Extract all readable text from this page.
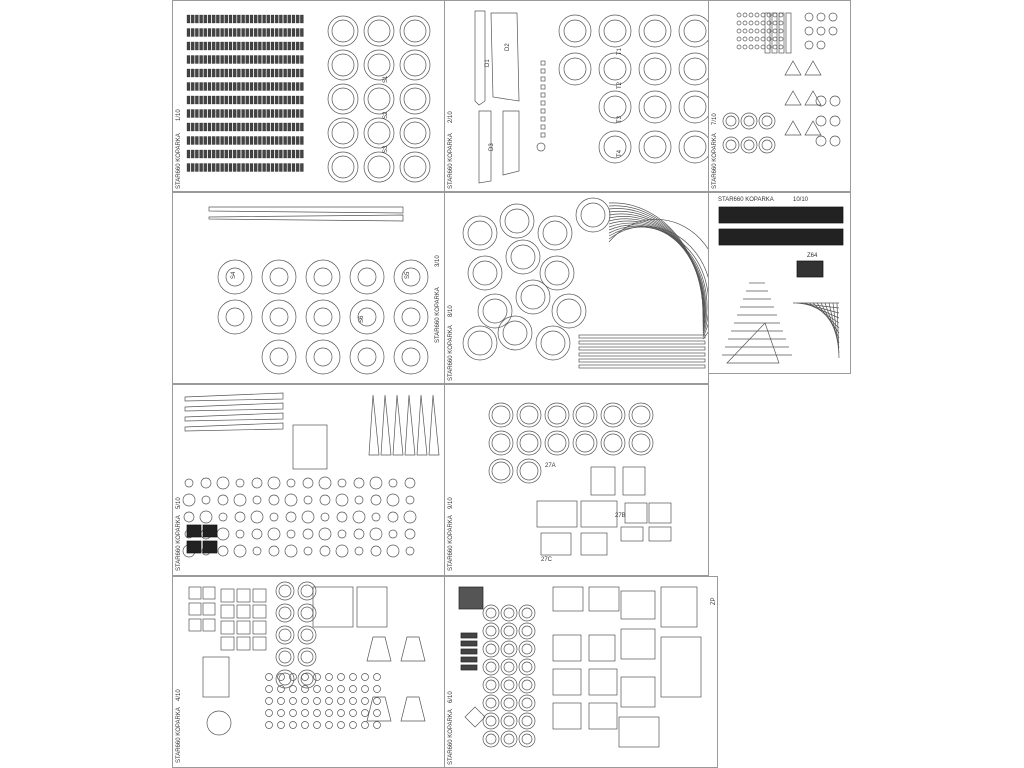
STAR660 KOPARKA
1/10
S1
S2
S3	STAR660 KOPARKA
2/10
D1
D2
D3
T1
T2
T3
T4	STAR660 KOPARKA
7/10
STAR660 KOPARKA
3/10
S4	S5
S6
STAR660 KOPARKA
8/10
STAR660 KOPARKA	10/10
Z64
STAR660 KOPARKA
5/10
STAR660 KOPARKA
9/10
27A
27B
27C
STAR660 KOPARKA
4/10
STAR660 KOPARKA
6/10
ZP
